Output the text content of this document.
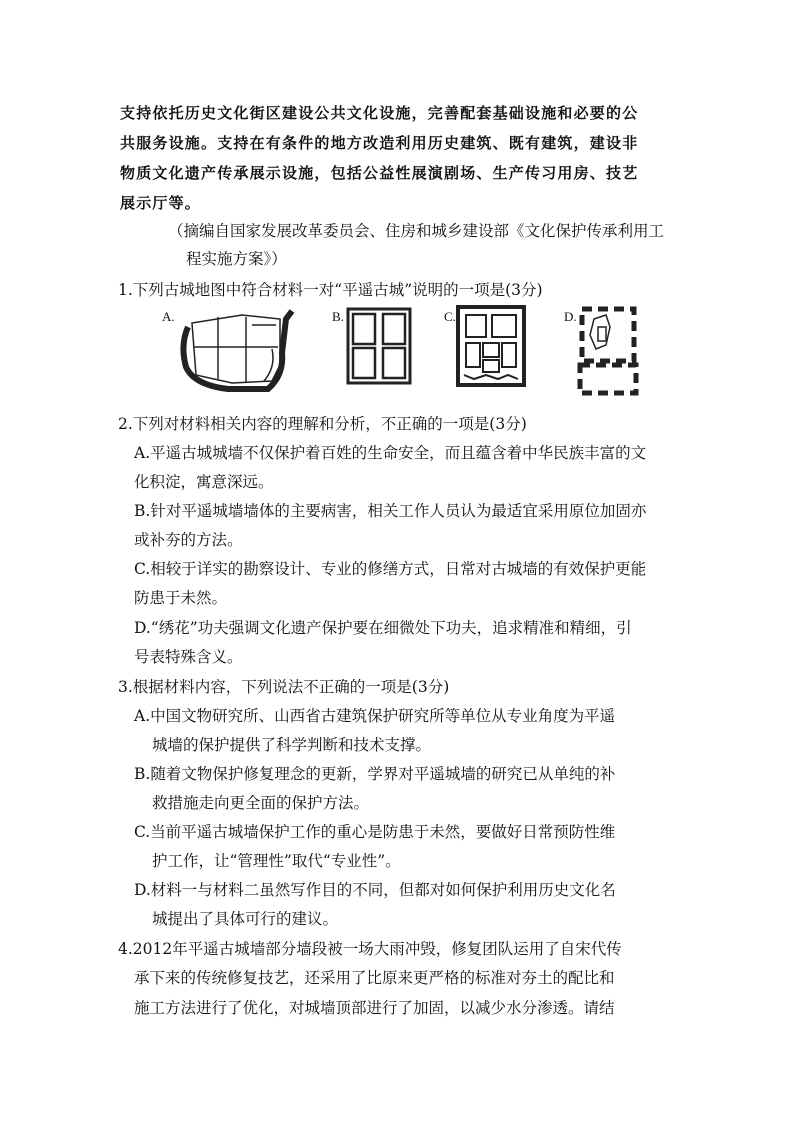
支持依托历史文化街区建设公共文化设施，完善配套基础设施和必要的公
共服务设施。支持在有条件的地方改造利用历史建筑、既有建筑，建设非
物质文化遗产传承展示设施，包括公益性展演剧场、生产传习用房、技艺
展示厅等。
（摘编自国家发展改革委员会、住房和城乡建设部《文化保护传承利用工
程实施方案》）
1.下列古城地图中符合材料一对“平遥古城”说明的一项是(3分)
A.	B.	C.	D.
2.下列对材料相关内容的理解和分析，不正确的一项是(3分)
A.平遥古城城墙不仅保护着百姓的生命安全，而且蕴含着中华民族丰富的文
化积淀，寓意深远。
B.针对平遥城墙墙体的主要病害，相关工作人员认为最适宜采用原位加固亦
或补夯的方法。
C.相较于详实的勘察设计、专业的修缮方式，日常对古城墙的有效保护更能
防患于未然。
D.“绣花”功夫强调文化遗产保护要在细微处下功夫，追求精准和精细，引
号表特殊含义。
3.根据材料内容，下列说法不正确的一项是(3分)
A.中国文物研究所、山西省古建筑保护研究所等单位从专业角度为平遥
城墙的保护提供了科学判断和技术支撑。
B.随着文物保护修复理念的更新，学界对平遥城墙的研究已从单纯的补
救措施走向更全面的保护方法。
C.当前平遥古城墙保护工作的重心是防患于未然，要做好日常预防性维
护工作，让“管理性”取代“专业性”。
D.材料一与材料二虽然写作目的不同，但都对如何保护利用历史文化名
城提出了具体可行的建议。
4.2012年平遥古城墙部分墙段被一场大雨冲毁，修复团队运用了自宋代传
承下来的传统修复技艺，还采用了比原来更严格的标准对夯土的配比和
施工方法进行了优化，对城墙顶部进行了加固，以减少水分渗透。请结
